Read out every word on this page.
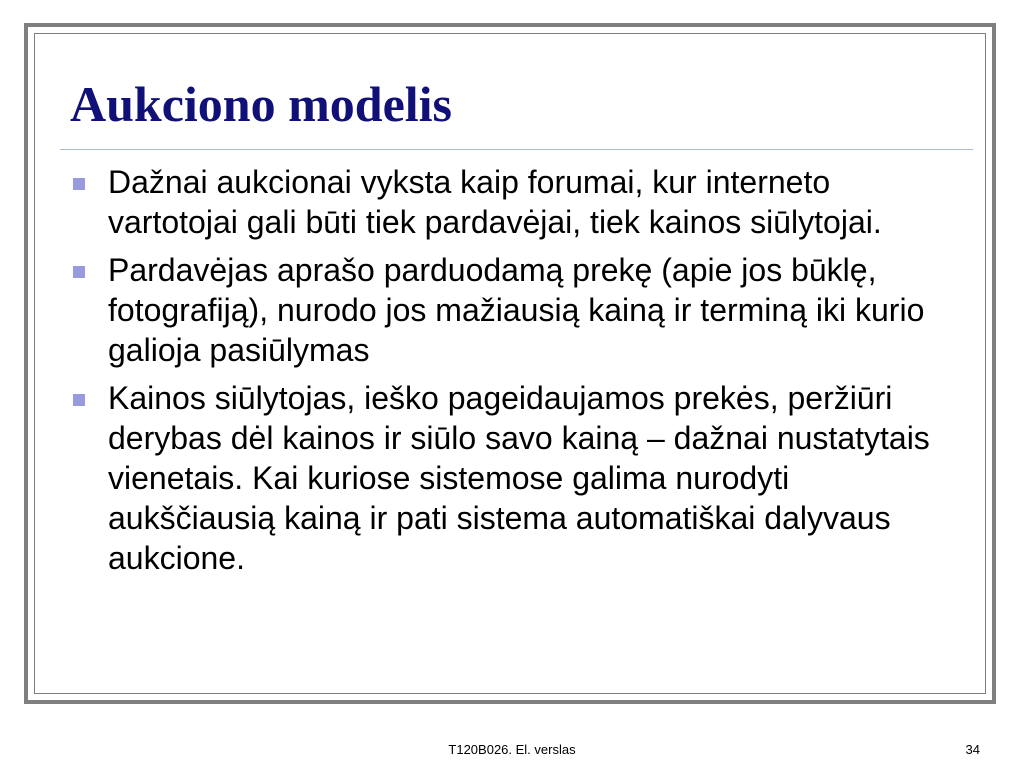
Aukciono modelis
Dažnai aukcionai vyksta kaip forumai, kur interneto vartotojai gali būti tiek pardavėjai, tiek kainos siūlytojai.
Pardavėjas aprašo parduodamą prekę (apie jos būklę, fotografiją), nurodo jos mažiausią kainą ir terminą iki kurio galioja pasiūlymas
Kainos siūlytojas, ieško pageidaujamos prekės, peržiūri derybas dėl kainos ir siūlo savo kainą – dažnai nustatytais vienetais. Kai kuriose sistemose galima nurodyti aukščiausią kainą ir pati sistema automatiškai dalyvaus aukcione.
T120B026. El. verslas	34
